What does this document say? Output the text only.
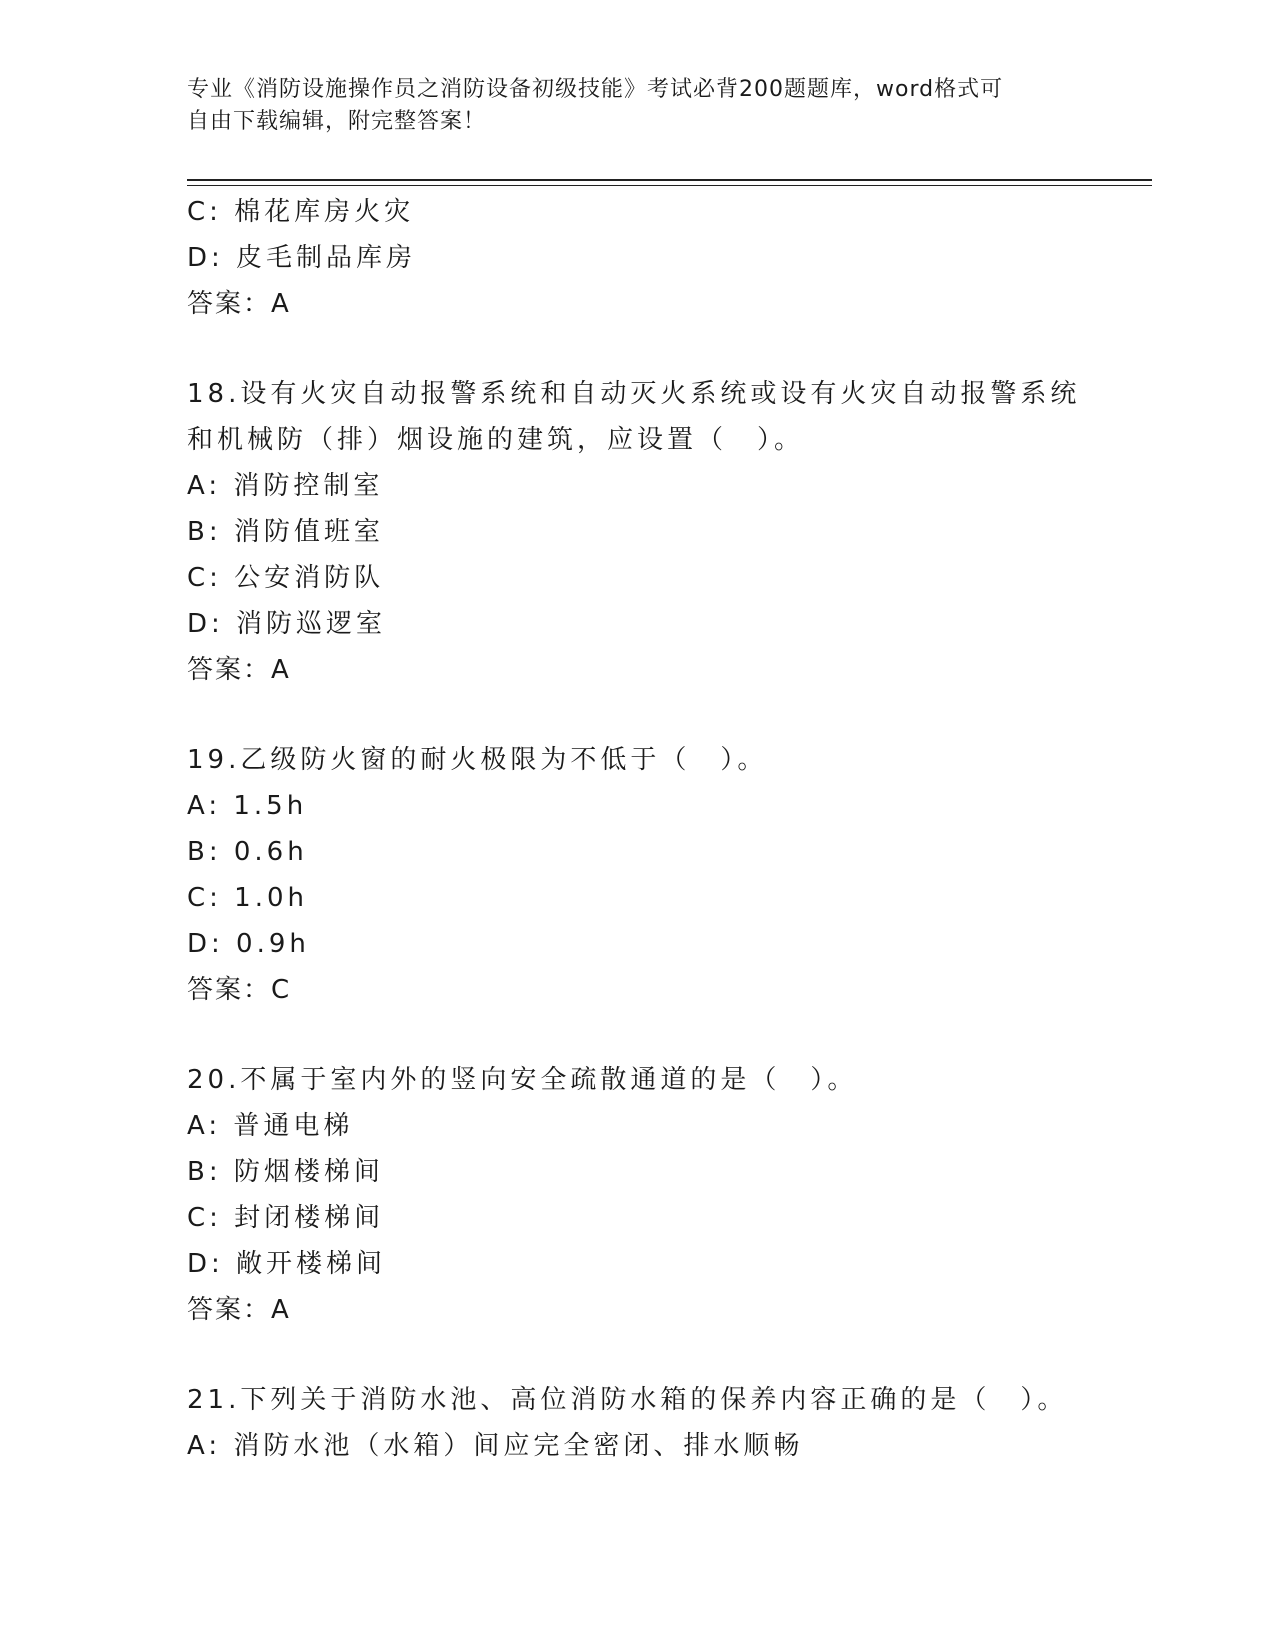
专业《消防设施操作员之消防设备初级技能》考试必背200题题库，word格式可
自由下载编辑，附完整答案！
C: 棉花库房火灾
D: 皮毛制品库房
答案：A
18.设有火灾自动报警系统和自动灭火系统或设有火灾自动报警系统和机械防（排）烟设施的建筑，应设置（　）。
A: 消防控制室
B: 消防值班室
C: 公安消防队
D: 消防巡逻室
答案：A
19.乙级防火窗的耐火极限为不低于（　）。
A: 1.5h
B: 0.6h
C: 1.0h
D: 0.9h
答案：C
20.不属于室内外的竖向安全疏散通道的是（　）。
A: 普通电梯
B: 防烟楼梯间
C: 封闭楼梯间
D: 敞开楼梯间
答案：A
21.下列关于消防水池、高位消防水箱的保养内容正确的是（　）。
A: 消防水池（水箱）间应完全密闭、排水顺畅
